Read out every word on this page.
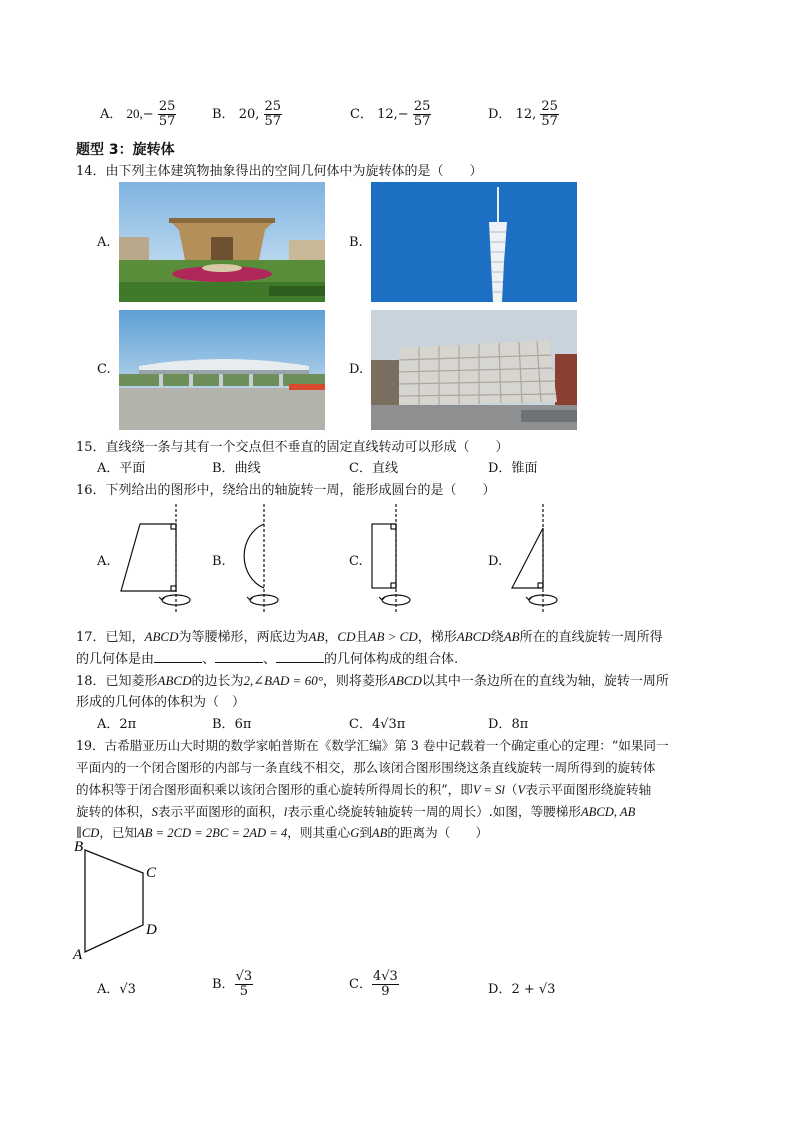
A． $20,- \frac{25}{57}$	B． 20, $\frac{25}{57}$	C． $12,- \frac{25}{57}$	D． 12, $\frac{25}{57}$
题型 3：旋转体
14．由下列主体建筑物抽象得出的空间几何体中为旋转体的是（　　）
A.	B.
C.	D.
15．直线绕一条与其有一个交点但不垂直的固定直线转动可以形成（　　）
A．平面	B．曲线	C．直线	D．锥面
16．下列给出的图形中，绕给出的轴旋转一周，能形成圆台的是（　　）
A.	B.	C.	D.
17．已知，ABCD为等腰梯形，两底边为AB，CD且AB > CD，梯形ABCD绕AB所在的直线旋转一周所得
的几何体是由	、	、	的几何体构成的组合体.
18．已知菱形ABCD的边长为2,∠BAD = 60°，则将菱形ABCD以其中一条边所在的直线为轴，旋转一周所
形成的几何体的体积为（　）
A．2π	B．6π	C．4√3π	D．8π
19．古希腊亚历山大时期的数学家帕普斯在《数学汇编》第 3 卷中记载着一个确定重心的定理：“如果同一
平面内的一个闭合图形的内部与一条直线不相交，那么该闭合图形围绕这条直线旋转一周所得到的旋转体
的体积等于闭合图形面积乘以该闭合图形的重心旋转所得周长的积”，即V = Sl（V表示平面图形绕旋转轴
旋转的体积，S表示平面图形的面积，l表示重心绕旋转轴旋转一周的周长）.如图，等腰梯形ABCD, AB
∥CD，已知AB = 2CD = 2BC = 2AD = 4，则其重心G到AB的距离为（　　）
B
C
D
A
A．√3	B． $\frac{√3}{5}$	C． $\frac{4√3}{9}$	D．2 + √3
